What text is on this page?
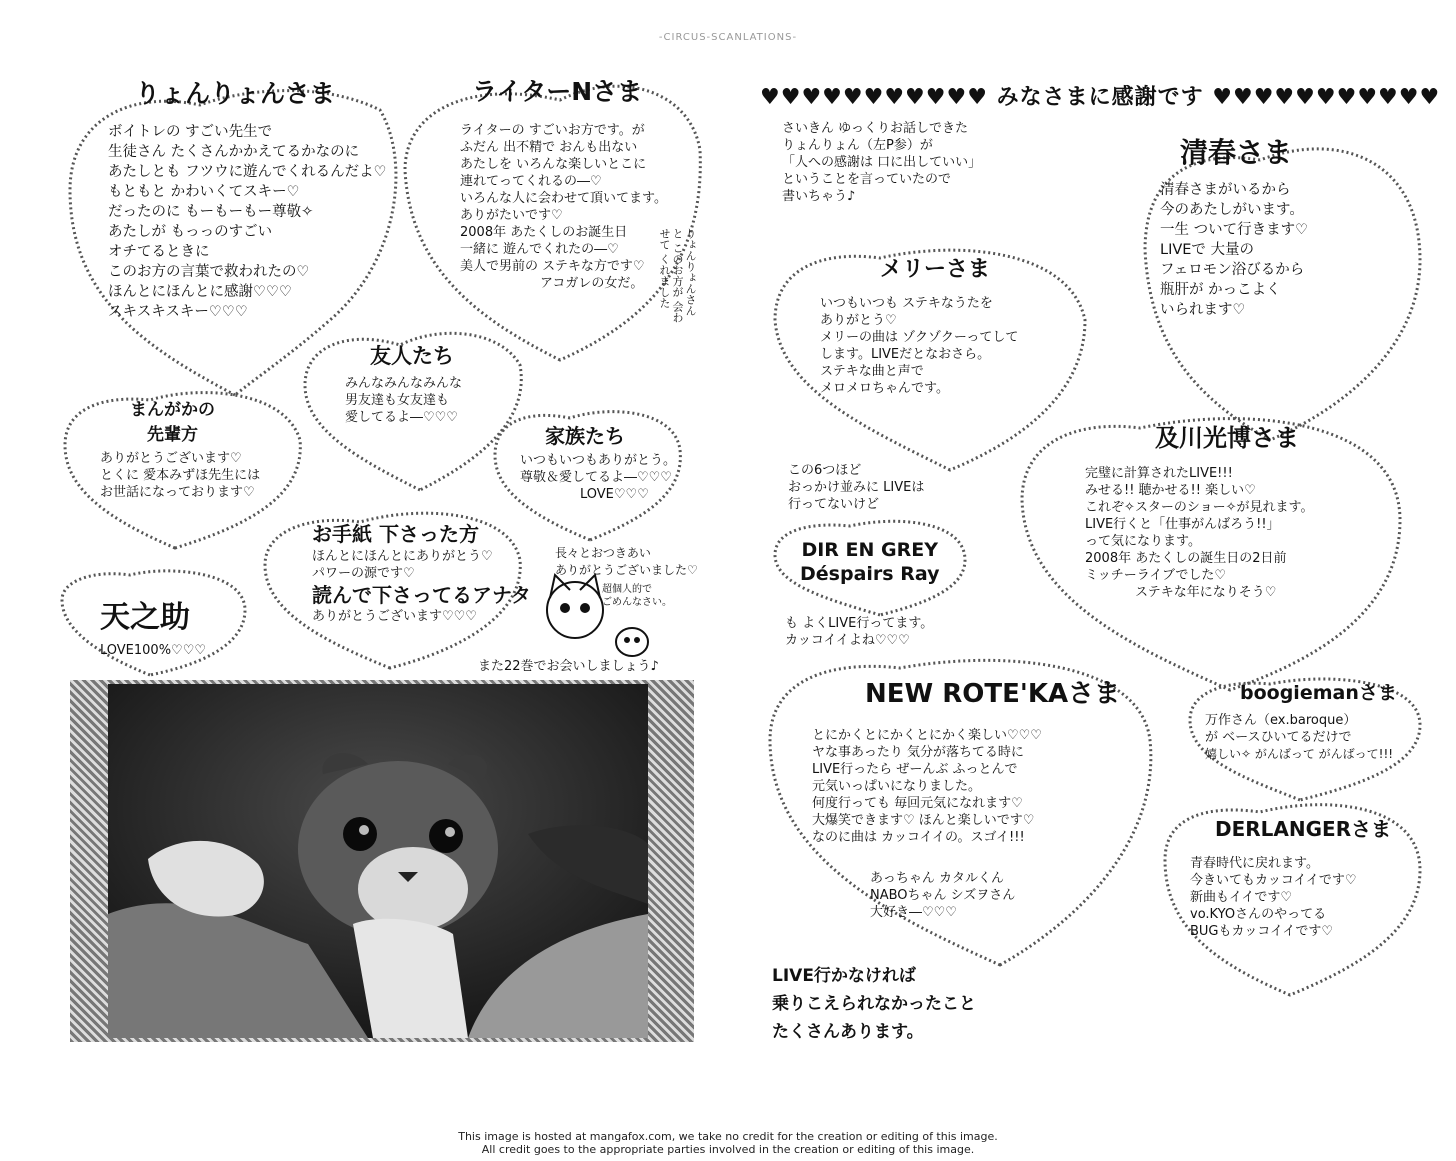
-CIRCUS-SCANLATIONS-
りょんりょんさま
ボイトレの すごい先生で
生徒さん たくさんかかえてるかなのに
あたしとも フツウに遊んでくれるんだよ♡
もともと かわいくてスキー♡
だったのに もーもーもー尊敬✧
あたしが もっっのすごい
オチてるときに
このお方の言葉で救われたの♡
ほんとにほんとに感謝♡♡♡
スキスキスキー♡♡♡
ライターNさま
ライターの すごいお方です。が
ふだん 出不精で おんも出ない
あたしを いろんな楽しいとこに
連れてってくれるの―♡
いろんな人に会わせて頂いてます。
ありがたいです♡
2008年 あたくしのお誕生日
一緒に 遊んでくれたの―♡
美人で男前の ステキな方です♡
アコガレの女だ。	りょんりょんさんと このお方が 会わせて くれました
友人たち
みんなみんなみんな
男友達も女友達も
愛してるよ―♡♡♡
まんがかの
先輩方
ありがとうございます♡
とくに 愛本みずほ先生には
お世話になっております♡
家族たち
いつもいつもありがとう。
尊敬＆愛してるよ―♡♡♡
LOVE♡♡♡
お手紙 下さった方
ほんとにほんとにありがとう♡
パワーの源です♡
読んで下さってるアナタ
ありがとうございます♡♡♡
天之助
LOVE100%♡♡♡
長々とおつきあい
ありがとうございました♡
超個人的で
ごめんなさい。
また22巻でお会いしましょう♪
♥♥♥♥♥♥♥♥♥♥♥ みなさまに感謝です ♥♥♥♥♥♥♥♥♥♥♥
さいきん ゆっくりお話しできた
りょんりょん（左P参）が
「人への感謝は 口に出していい」
ということを言っていたので
書いちゃう♪
清春さま
清春さまがいるから
今のあたしがいます。
一生 ついて行きます♡
LIVEで 大量の
フェロモン浴びるから
瓶肝が かっこよく
いられます♡
メリーさま
いつもいつも ステキなうたを
ありがとう♡
メリーの曲は ゾクゾクーってして
します。LIVEだとなおさら。
ステキな曲と声で
メロメロちゃんです。
及川光博さま
完璧に計算されたLIVE!!!
みせる!! 聴かせる!! 楽しい♡
これぞ✧スターのショー✧が見れます。
LIVE行くと「仕事がんばろう!!」
って気になります。
2008年 あたくしの誕生日の2日前
ミッチーライブでした♡
ステキな年になりそう♡
この6つほど
おっかけ並みに LIVEは
行ってないけど
DIR EN GREY
Déspairs Ray
も よくLIVE行ってます。
カッコイイよね♡♡♡
NEW ROTE'KAさま
とにかくとにかくとにかく楽しい♡♡♡
ヤな事あったり 気分が落ちてる時に
LIVE行ったら ぜーんぶ ふっとんで
元気いっぱいになりました。
何度行っても 毎回元気になれます♡
大爆笑できます♡ ほんと楽しいです♡
なのに曲は カッコイイの。スゴイ!!!
あっちゃん カタルくん
NABOちゃん シズヲさん
大好き―♡♡♡
boogiemanさま
万作さん（ex.baroque）
が ベースひいてるだけで
嬉しい✧ がんばって がんばって!!!
DERLANGERさま
青春時代に戻れます。
今きいてもカッコイイです♡
新曲もイイです♡
vo.KYOさんのやってる
BUGもカッコイイです♡
LIVE行かなければ
乗りこえられなかったこと
たくさんあります。
This image is hosted at mangafox.com, we take no credit for the creation or editing of this image.
All credit goes to the appropriate parties involved in the creation or editing of this image.
